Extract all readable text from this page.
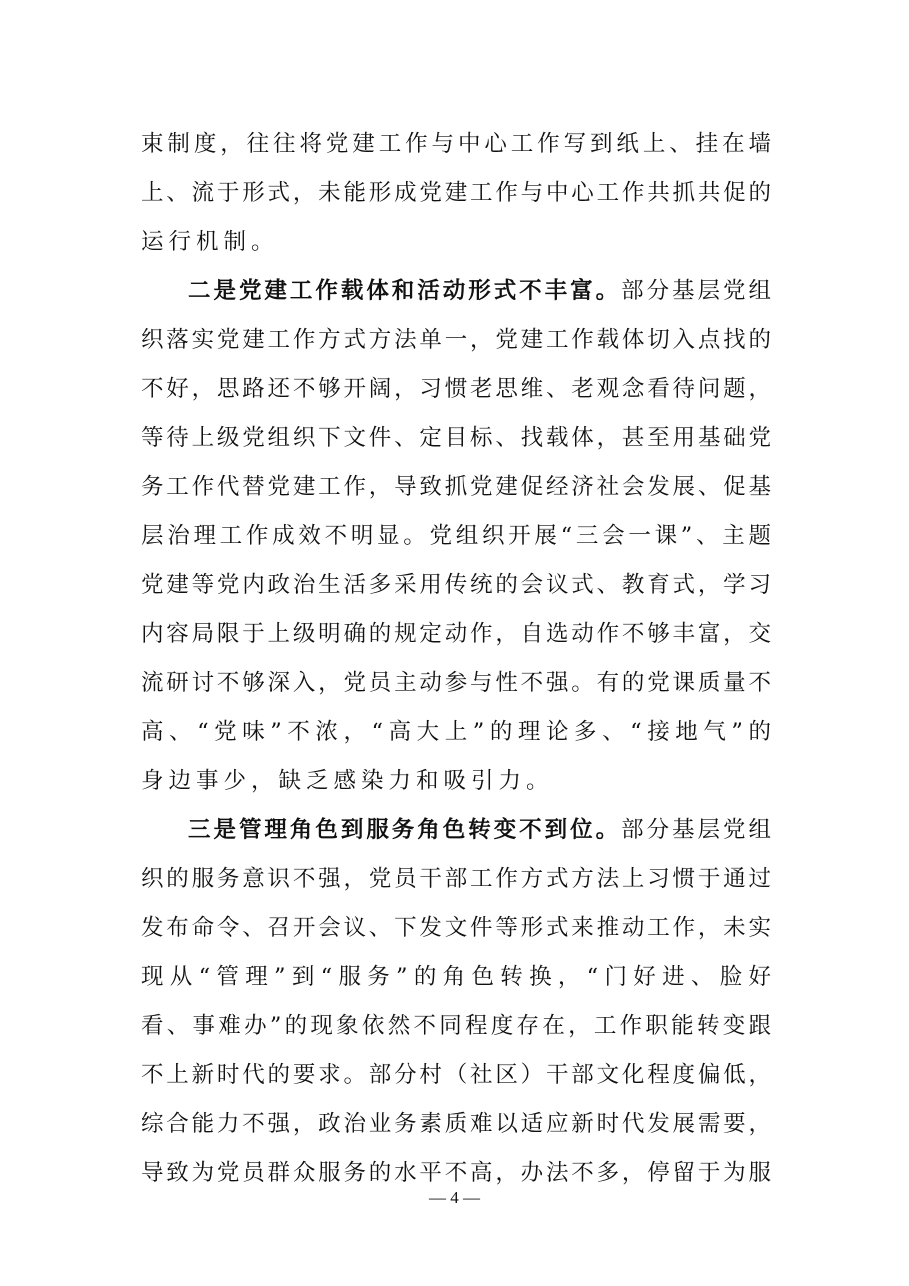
束制度，往往将党建工作与中心工作写到纸上、挂在墙
上、流于形式，未能形成党建工作与中心工作共抓共促的
运行机制。
二是党建工作载体和活动形式不丰富。部分基层党组
织落实党建工作方式方法单一，党建工作载体切入点找的
不好，思路还不够开阔，习惯老思维、老观念看待问题，
等待上级党组织下文件、定目标、找载体，甚至用基础党
务工作代替党建工作，导致抓党建促经济社会发展、促基
层治理工作成效不明显。党组织开展“三会一课”、主题
党建等党内政治生活多采用传统的会议式、教育式，学习
内容局限于上级明确的规定动作，自选动作不够丰富，交
流研讨不够深入，党员主动参与性不强。有的党课质量不
高、“党味”不浓，“高大上”的理论多、“接地气”的
身边事少，缺乏感染力和吸引力。
三是管理角色到服务角色转变不到位。部分基层党组
织的服务意识不强，党员干部工作方式方法上习惯于通过
发布命令、召开会议、下发文件等形式来推动工作，未实
现从“管理”到“服务”的角色转换，“门好进、脸好
看、事难办”的现象依然不同程度存在，工作职能转变跟
不上新时代的要求。部分村（社区）干部文化程度偏低，
综合能力不强，政治业务素质难以适应新时代发展需要，
导致为党员群众服务的水平不高，办法不多，停留于为服
— 4 —
